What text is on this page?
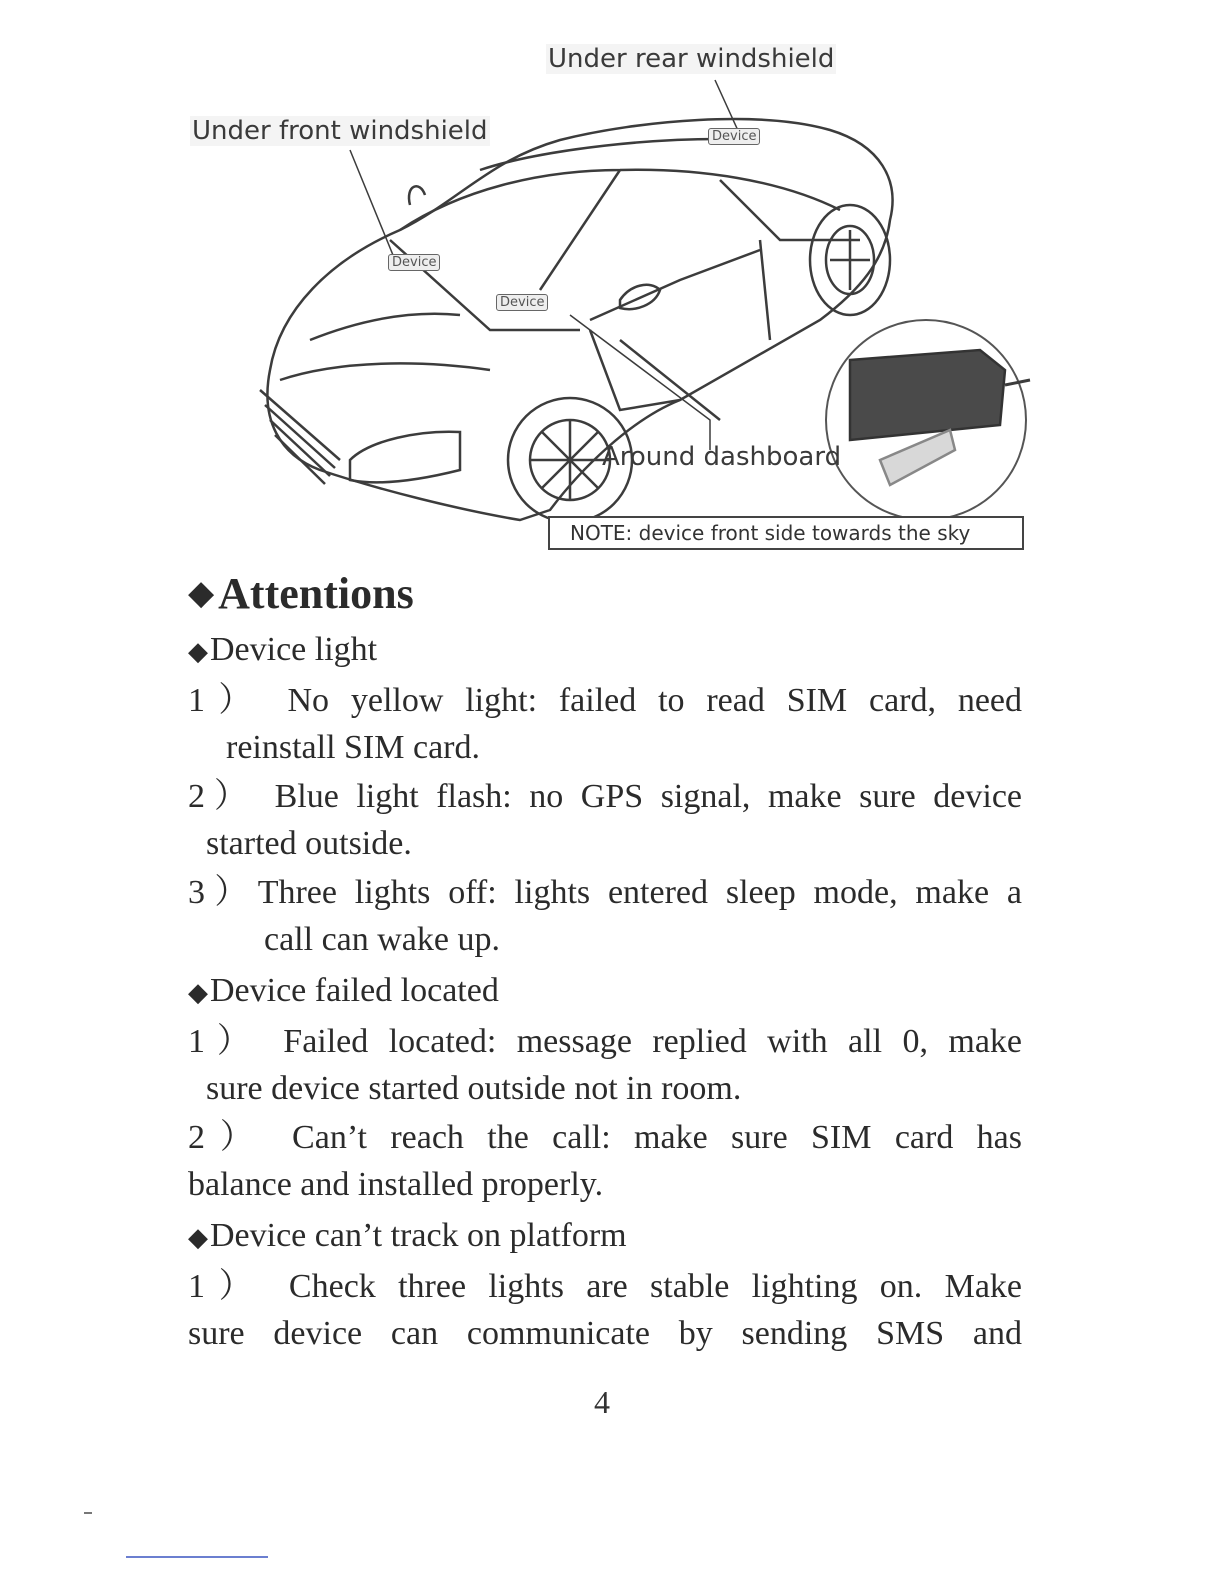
Under rear windshield
Under front windshield
Around dashboard
Device
Device
Device
NOTE: device front side towards the sky
◆ Attentions
◆Device light
1） No yellow light: failed to read SIM card, need
reinstall SIM card.
2） Blue light flash: no GPS signal, make sure device
started outside.
3）Three lights off: lights entered sleep mode, make a
call can wake up.
◆Device failed located
1） Failed located: message replied with all 0, make
sure device started outside not in room.
2） Can’t reach the call: make sure SIM card has
balance and installed properly.
◆Device can’t track on platform
1） Check three lights are stable lighting on. Make
sure device can communicate by sending SMS and
4
